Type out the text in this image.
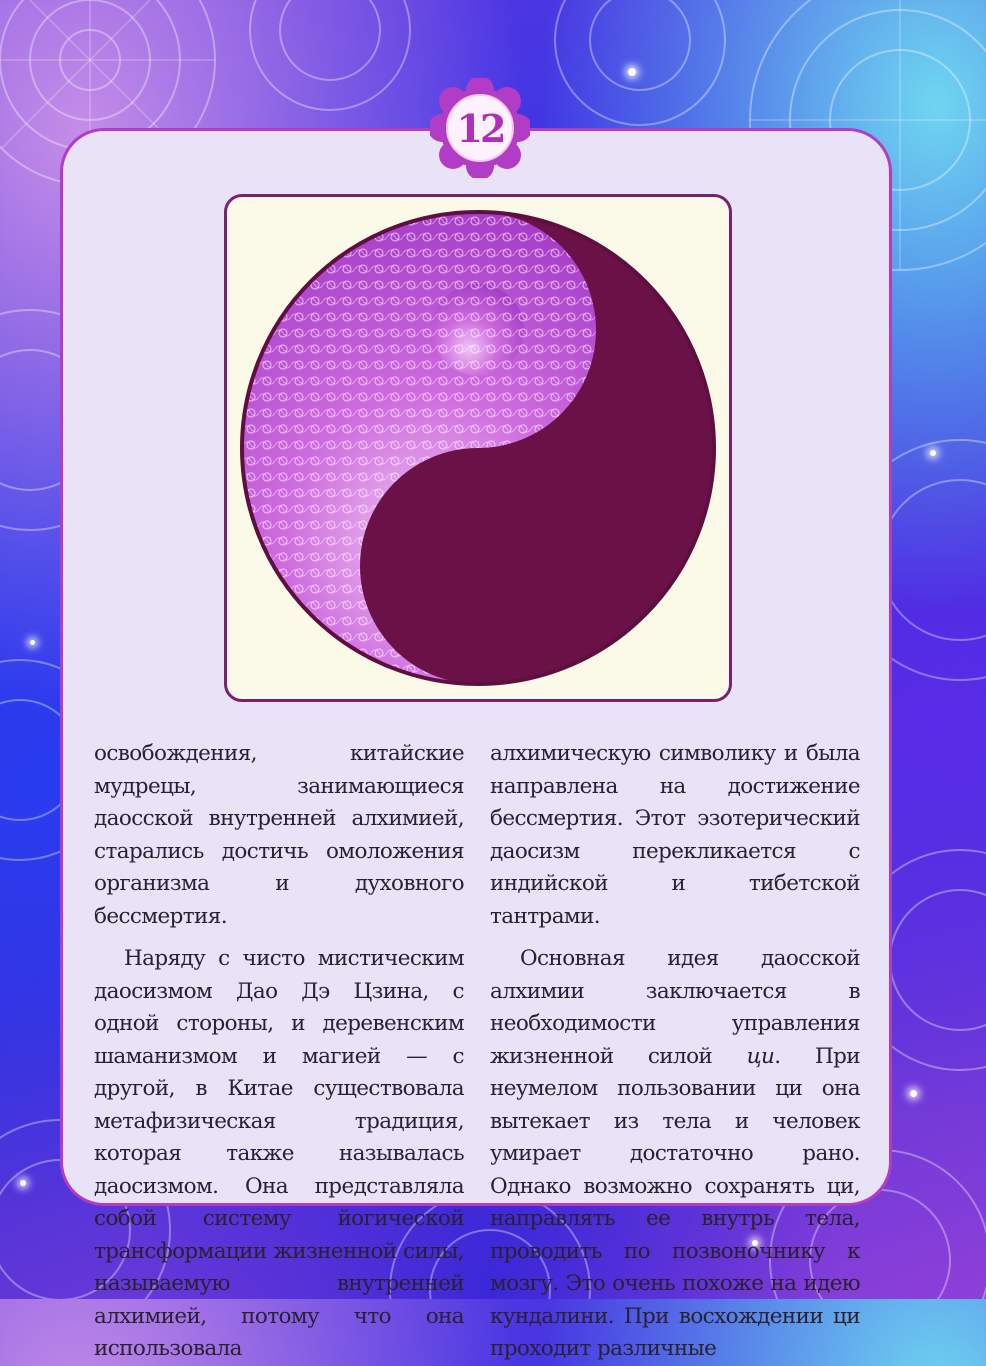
12

освобождения, китайские мудрецы, занимающиеся даосской внутренней алхимией, старались достичь омоложения организма и духовного бессмертия.

Наряду с чисто мистическим даосизмом Дао Дэ Цзина, с одной стороны, и деревенским шаманизмом и магией — с другой, в Китае существовала метафизическая традиция, которая также называлась даосизмом. Она представляла собой систему йогической трансформации жизненной силы, называемую внутренней алхимией, потому что она использовала

алхимическую символику и была направлена на достижение бессмертия. Этот эзотерический даосизм перекликается с индийской и тибетской тантрами.

Основная идея даосской алхимии заключается в необходимости управления жизненной силой ци. При неумелом пользовании ци она вытекает из тела и человек умирает достаточно рано. Однако возможно сохранять ци, направлять ее внутрь тела, проводить по позвоночнику к мозгу. Это очень похоже на идею кундалини. При восхождении ци проходит различные
